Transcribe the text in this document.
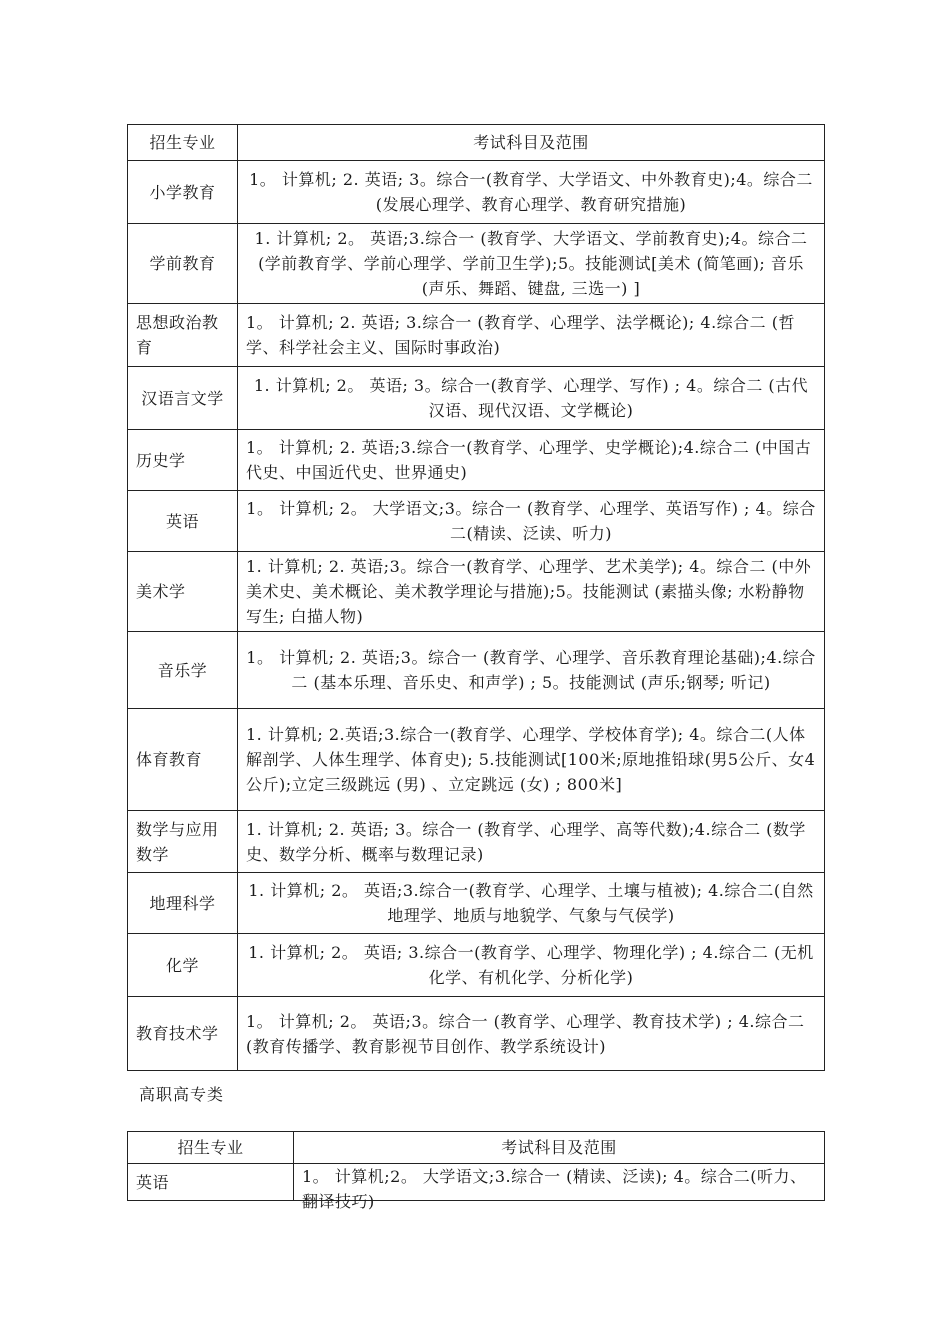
招生专业	考试科目及范围
小学教育	1。 计算机; 2. 英语; 3。综合一(教育学、大学语文、中外教育史);4。综合二 (发展心理学、教育心理学、教育研究措施)
学前教育	1. 计算机; 2。 英语;3.综合一 (教育学、大学语文、学前教育史);4。综合二(学前教育学、学前心理学、学前卫生学);5。技能测试[美术 (简笔画); 音乐 (声乐、舞蹈、键盘, 三选一) ]
思想政治教育	1。 计算机; 2. 英语; 3.综合一 (教育学、心理学、法学概论); 4.综合二 (哲学、科学社会主义、国际时事政治)
汉语言文学	1. 计算机; 2。 英语; 3。综合一(教育学、心理学、写作) ; 4。综合二 (古代汉语、现代汉语、文学概论)
历史学	1。 计算机; 2. 英语;3.综合一(教育学、心理学、史学概论);4.综合二 (中国古代史、中国近代史、世界通史)
英语	1。 计算机; 2。 大学语文;3。综合一 (教育学、心理学、英语写作) ; 4。综合二(精读、泛读、听力)
美术学	1. 计算机; 2. 英语;3。综合一(教育学、心理学、艺术美学); 4。综合二 (中外美术史、美术概论、美术教学理论与措施);5。技能测试 (素描头像; 水粉静物写生; 白描人物)
音乐学	1。 计算机; 2. 英语;3。综合一 (教育学、心理学、音乐教育理论基础);4.综合二 (基本乐理、音乐史、和声学) ; 5。技能测试 (声乐;钢琴; 听记)
体育教育	1. 计算机; 2.英语;3.综合一(教育学、心理学、学校体育学); 4。综合二(人体解剖学、人体生理学、体育史); 5.技能测试[100米;原地推铅球(男5公斤、女4公斤);立定三级跳远 (男) 、立定跳远 (女) ; 800米]
数学与应用数学	1. 计算机; 2. 英语; 3。综合一 (教育学、心理学、高等代数);4.综合二 (数学史、数学分析、概率与数理记录)
地理科学	1. 计算机; 2。 英语;3.综合一(教育学、心理学、土壤与植被); 4.综合二(自然地理学、地质与地貌学、气象与气侯学)
化学	1. 计算机; 2。 英语; 3.综合一(教育学、心理学、物理化学) ; 4.综合二 (无机化学、有机化学、分析化学)
教育技术学	1。 计算机; 2。 英语;3。综合一 (教育学、心理学、教育技术学) ; 4.综合二 (教育传播学、教育影视节目创作、教学系统设计)
高职高专类
招生专业	考试科目及范围
英语	1。 计算机;2。 大学语文;3.综合一 (精读、泛读); 4。综合二(听力、翻译技巧)
